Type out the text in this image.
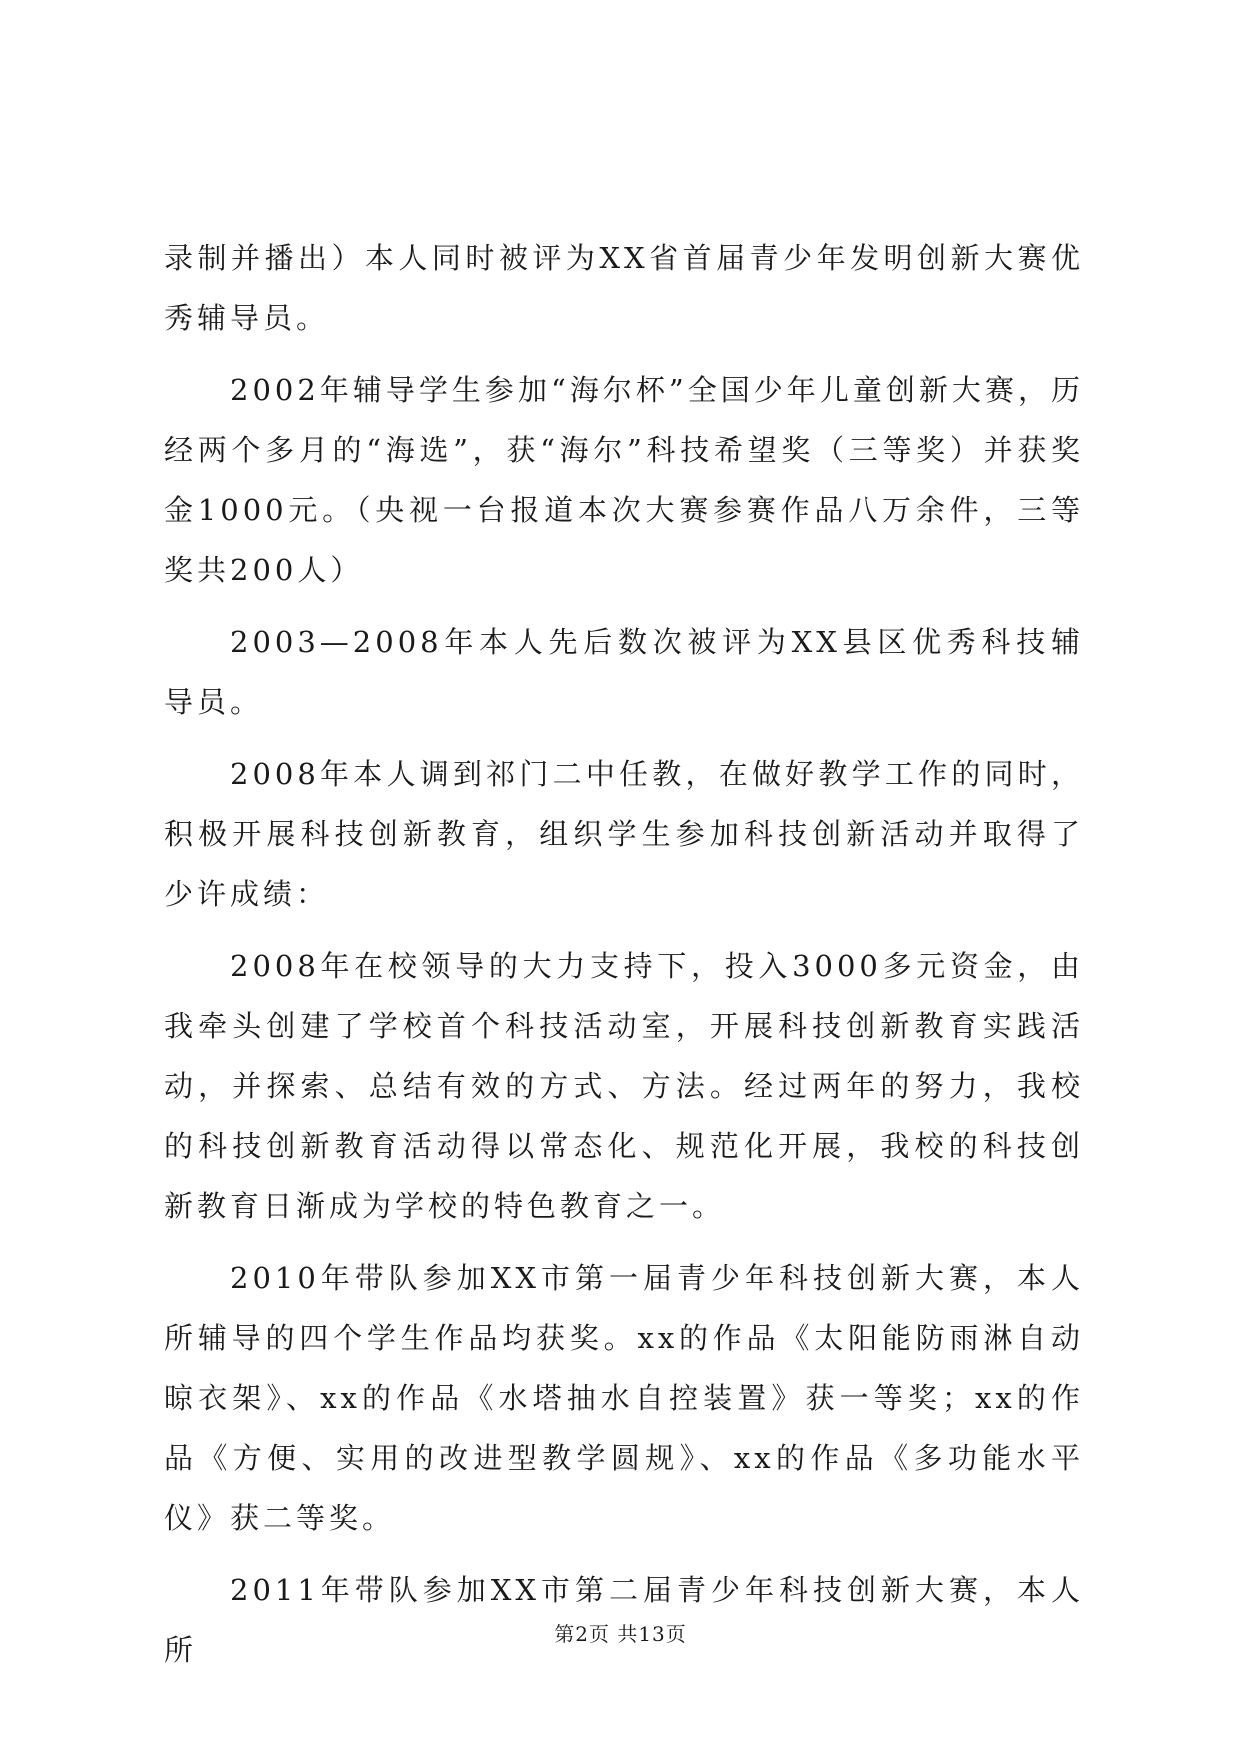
录制并播出）本人同时被评为XX省首届青少年发明创新大赛优秀辅导员。

2002年辅导学生参加“海尔杯”全国少年儿童创新大赛，历经两个多月的“海选”，获“海尔”科技希望奖（三等奖）并获奖金1000元。（央视一台报道本次大赛参赛作品八万余件，三等奖共200人）

2003—2008年本人先后数次被评为XX县区优秀科技辅导员。

2008年本人调到祁门二中任教，在做好教学工作的同时，积极开展科技创新教育，组织学生参加科技创新活动并取得了少许成绩：

2008年在校领导的大力支持下，投入3000多元资金，由我牵头创建了学校首个科技活动室，开展科技创新教育实践活动，并探索、总结有效的方式、方法。经过两年的努力，我校的科技创新教育活动得以常态化、规范化开展，我校的科技创新教育日渐成为学校的特色教育之一。

2010年带队参加XX市第一届青少年科技创新大赛，本人所辅导的四个学生作品均获奖。xx的作品《太阳能防雨淋自动晾衣架》、xx的作品《水塔抽水自控装置》获一等奖；xx的作品《方便、实用的改进型教学圆规》、xx的作品《多功能水平仪》获二等奖。

2011年带队参加XX市第二届青少年科技创新大赛，本人所	第2页 共13页
